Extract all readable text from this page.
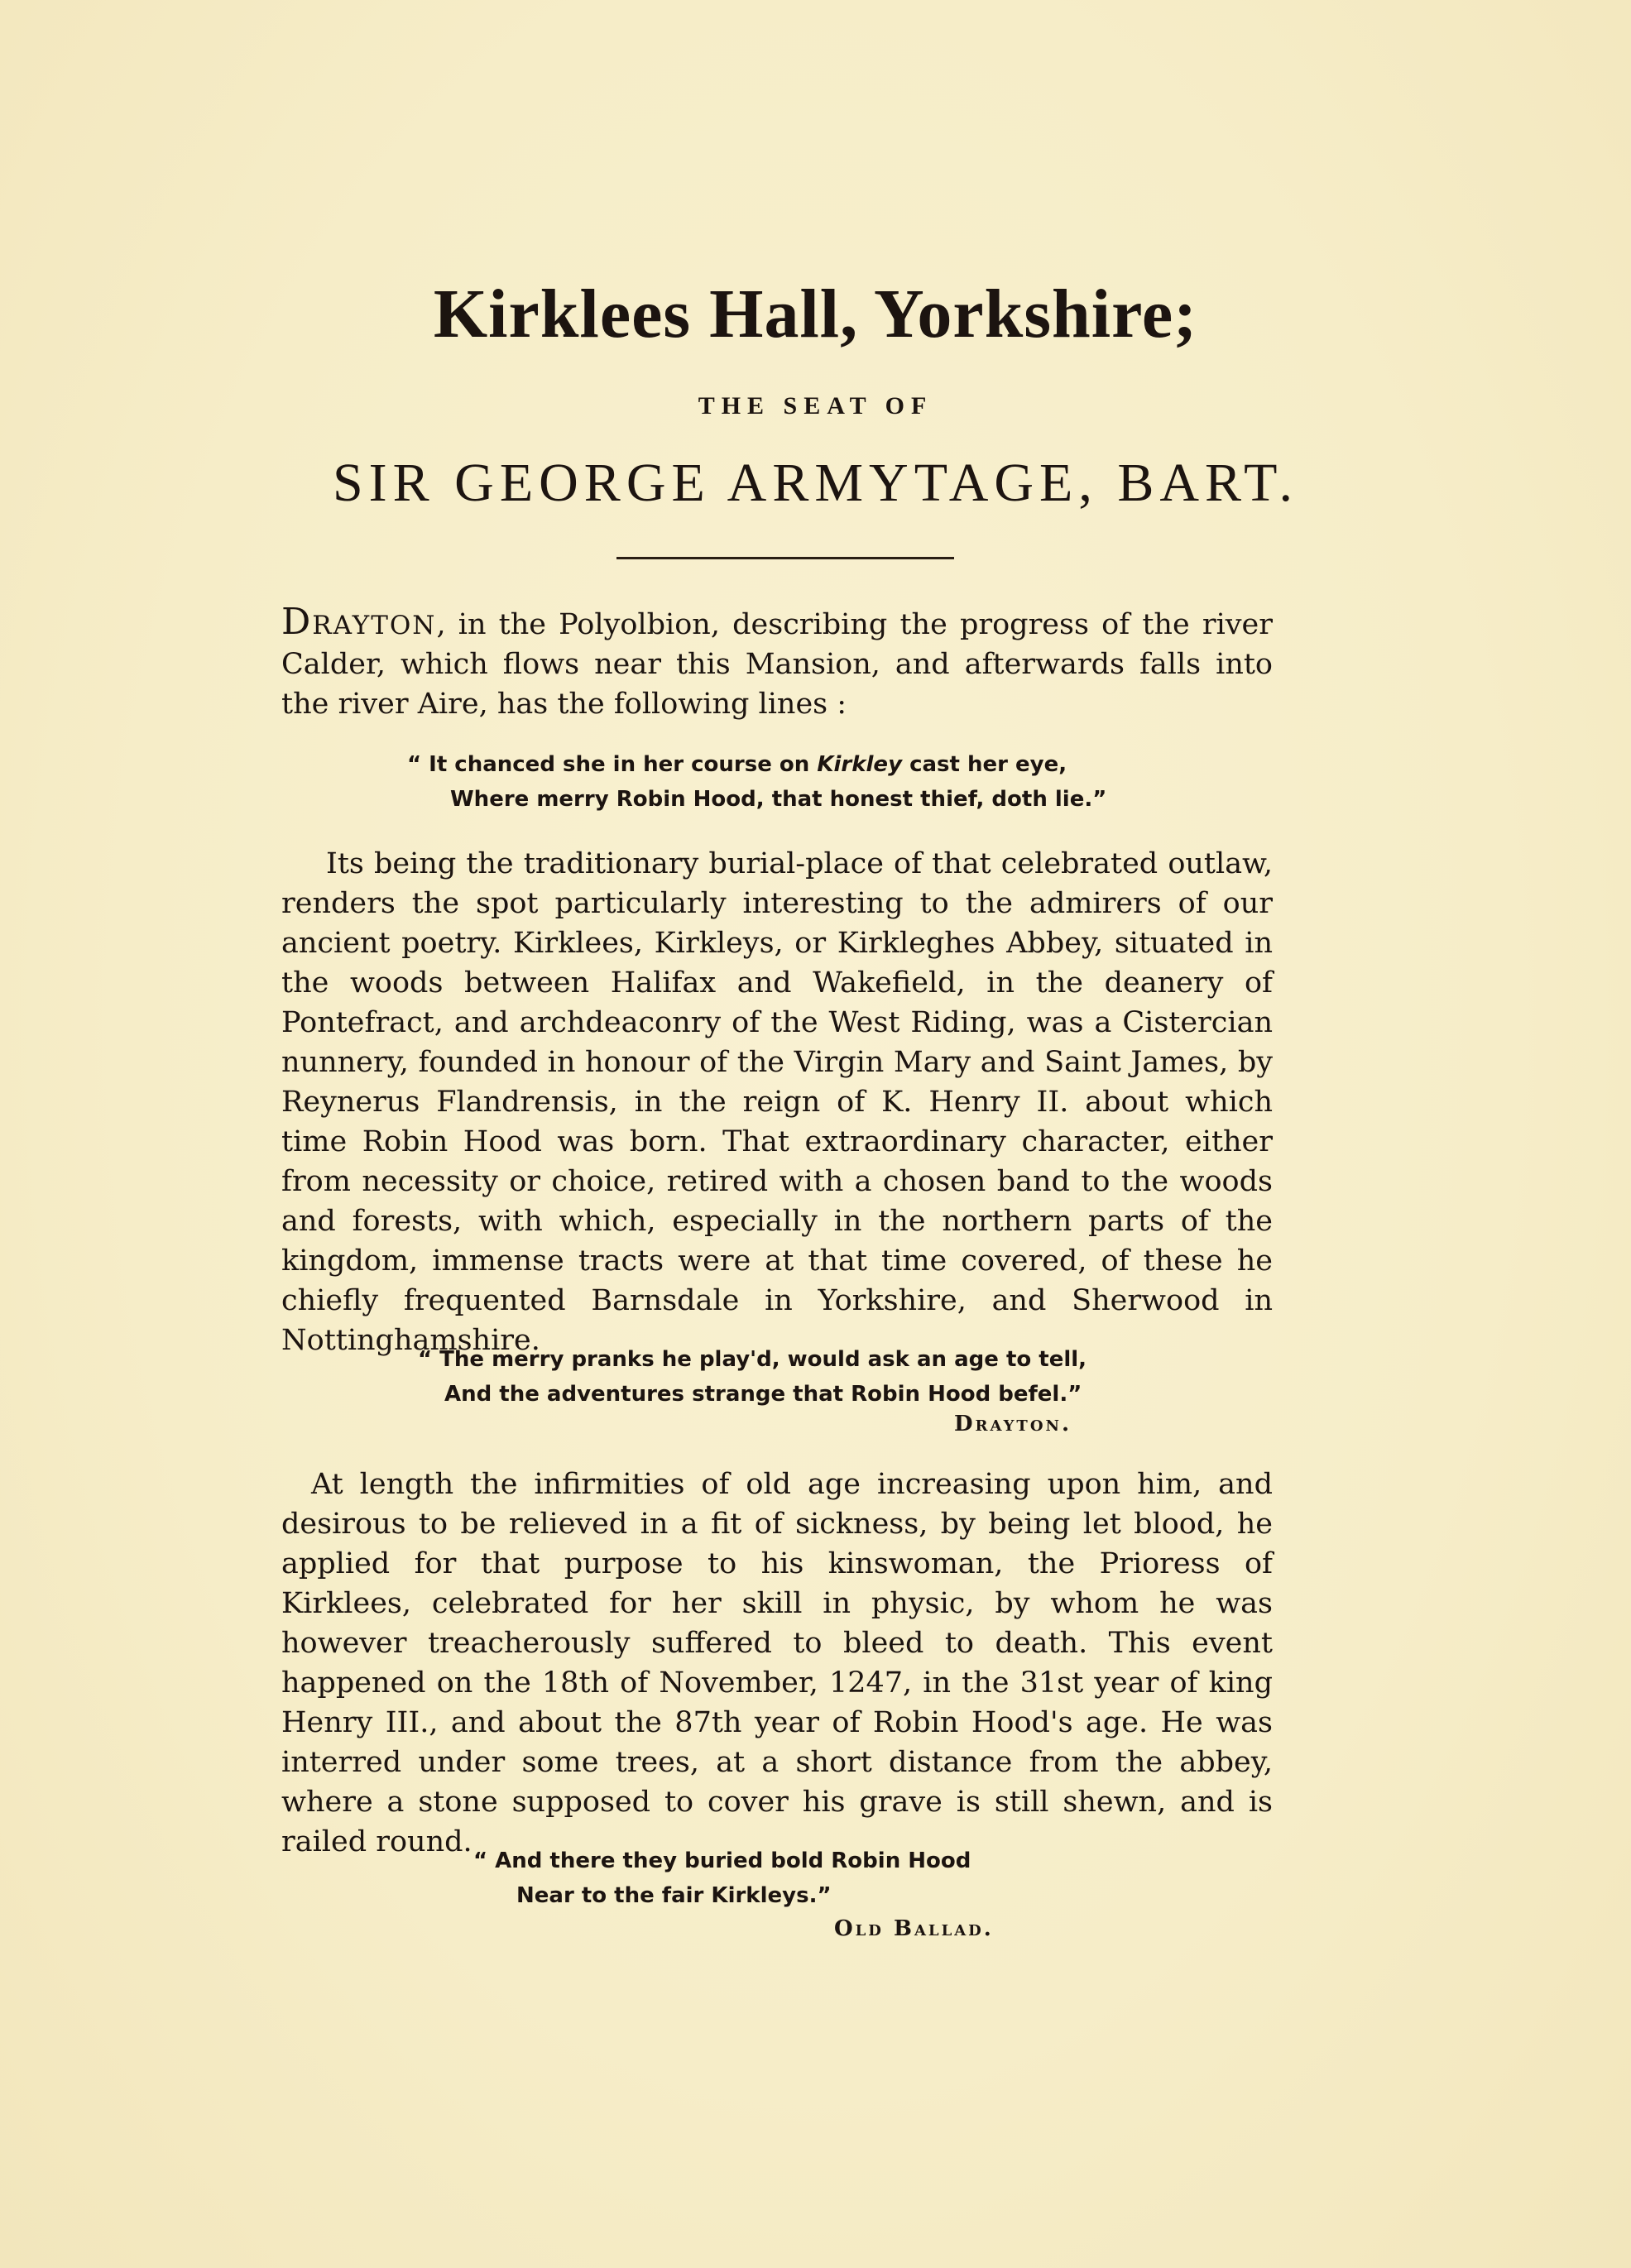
Kirklees Hall, Yorkshire;
THE SEAT OF
SIR GEORGE ARMYTAGE, BART.

Drayton, in the Polyolbion, describing the progress of the river Calder, which flows near this Mansion, and afterwards falls into the river Aire, has the following lines :

“ It chanced she in her course on Kirkley cast her eye,
Where merry Robin Hood, that honest thief, doth lie.”

Its being the traditionary burial-place of that celebrated outlaw, renders the spot particularly interesting to the admirers of our ancient poetry. Kirklees, Kirkleys, or Kirkleghes Abbey, situated in the woods between Halifax and Wakefield, in the deanery of Pontefract, and archdeaconry of the West Riding, was a Cistercian nunnery, founded in honour of the Virgin Mary and Saint James, by Reynerus Flandrensis, in the reign of K. Henry II. about which time Robin Hood was born. That extraordinary character, either from necessity or choice, retired with a chosen band to the woods and forests, with which, especially in the northern parts of the kingdom, immense tracts were at that time covered, of these he chiefly frequented Barnsdale in Yorkshire, and Sherwood in Nottinghamshire.

“ The merry pranks he play'd, would ask an age to tell,
And the adventures strange that Robin Hood befel.”
Drayton.

At length the infirmities of old age increasing upon him, and desirous to be relieved in a fit of sickness, by being let blood, he applied for that purpose to his kinswoman, the Prioress of Kirklees, celebrated for her skill in physic, by whom he was however treacherously suffered to bleed to death. This event happened on the 18th of November, 1247, in the 31st year of king Henry III., and about the 87th year of Robin Hood's age. He was interred under some trees, at a short distance from the abbey, where a stone supposed to cover his grave is still shewn, and is railed round.

“ And there they buried bold Robin Hood
Near to the fair Kirkleys.”
Old Ballad.
